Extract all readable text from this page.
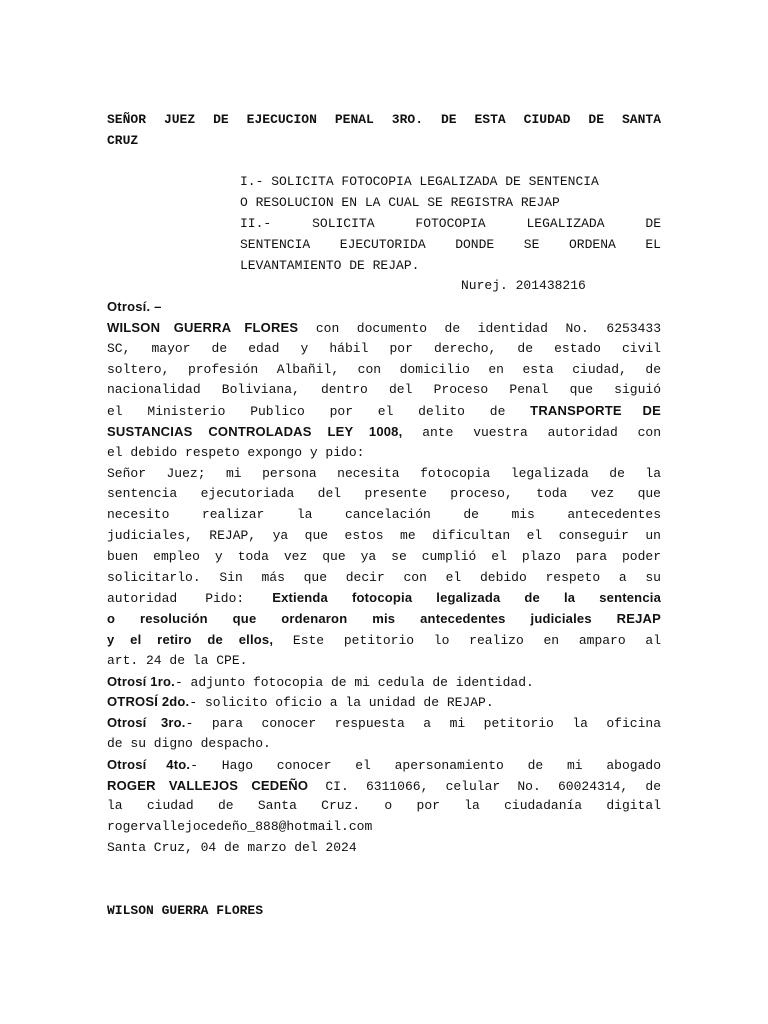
SEÑOR JUEZ DE EJECUCION PENAL 3RO. DE ESTA CIUDAD DE SANTA
CRUZ
I.- SOLICITA FOTOCOPIA LEGALIZADA DE SENTENCIA
O RESOLUCION EN LA CUAL SE REGISTRA REJAP
II.- SOLICITA FOTOCOPIA LEGALIZADA DE
SENTENCIA EJECUTORIDA DONDE SE ORDENA EL
LEVANTAMIENTO DE REJAP.
Nurej. 201438216
Otrosí. –
WILSON GUERRA FLORES con documento de identidad No. 6253433
SC, mayor de edad y hábil por derecho, de estado civil
soltero, profesión Albañil, con domicilio en esta ciudad, de
nacionalidad Boliviana, dentro del Proceso Penal que siguió
el Ministerio Publico por el delito de TRANSPORTE DE
SUSTANCIAS CONTROLADAS LEY 1008, ante vuestra autoridad con
el debido respeto expongo y pido:
Señor Juez; mi persona necesita fotocopia legalizada de la
sentencia ejecutoriada del presente proceso, toda vez que
necesito realizar la cancelación de mis antecedentes
judiciales, REJAP, ya que estos me dificultan el conseguir un
buen empleo y toda vez que ya se cumplió el plazo para poder
solicitarlo. Sin más que decir con el debido respeto a su
autoridad Pido: Extienda fotocopia legalizada de la sentencia
o resolución que ordenaron mis antecedentes judiciales REJAP
y el retiro de ellos, Este petitorio lo realizo en amparo al
art. 24 de la CPE.
Otrosí 1ro.- adjunto fotocopia de mi cedula de identidad.
OTROSÍ 2do.- solicito oficio a la unidad de REJAP.
Otrosí 3ro.- para conocer respuesta a mi petitorio la oficina
de su digno despacho.
Otrosí 4to.- Hago conocer el apersonamiento de mi abogado
ROGER VALLEJOS CEDEÑO CI. 6311066, celular No. 60024314, de
la ciudad de Santa Cruz. o por la ciudadanía digital
rogervallejocedeño_888@hotmail.com
Santa Cruz, 04 de marzo del 2024
WILSON GUERRA FLORES
